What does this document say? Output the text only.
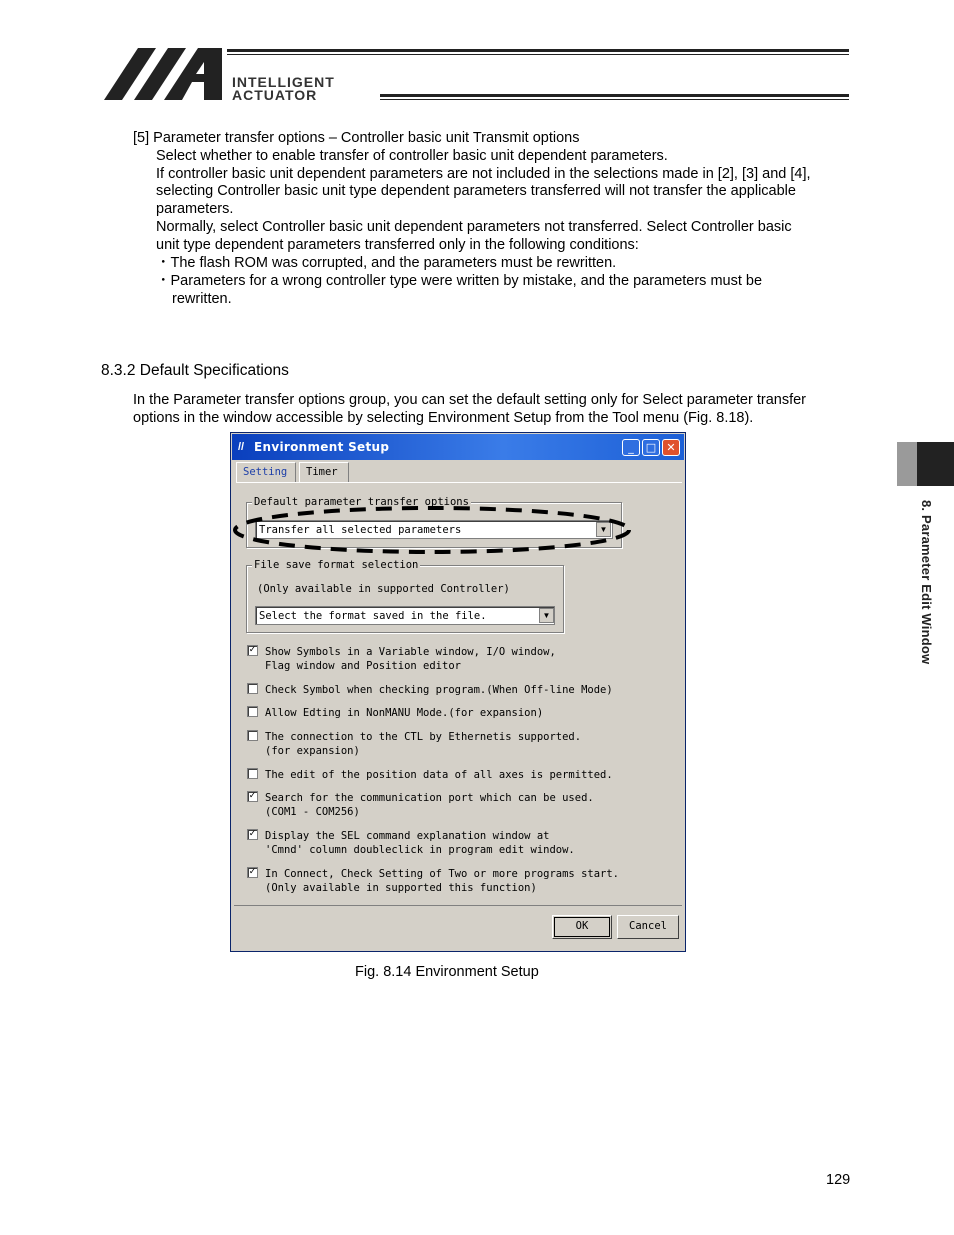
INTELLIGENT
ACTUATOR
[5] Parameter transfer options – Controller basic unit Transmit options
Select whether to enable transfer of controller basic unit dependent parameters.
If controller basic unit dependent parameters are not included in the selections made in [2], [3] and [4],
selecting Controller basic unit type dependent parameters transferred will not transfer the applicable
parameters.
Normally, select Controller basic unit dependent parameters not transferred. Select Controller basic
unit type dependent parameters transferred only in the following conditions:
・The flash ROM was corrupted, and the parameters must be rewritten.
・Parameters for a wrong controller type were written by mistake, and the parameters must be
rewritten.
8.3.2 Default Specifications
In the Parameter transfer options group, you can set the default setting only for Select parameter transfer
options in the window accessible by selecting Environment Setup from the Tool menu (Fig. 8.18).
8. Parameter Edit Window
// Environment Setup	_	□ ✕
Setting	Timer
Default parameter transfer options
Transfer all selected parameters	▼
File save format selection
(Only available in supported Controller)
Select the format saved in the file.	▼
✓ Show Symbols in a Variable window, I/O window,
Flag window and Position editor
Check Symbol when checking program.(When Off-line Mode)
Allow Edting in NonMANU Mode.(for expansion)
The connection to the CTL by Ethernetis supported.
(for expansion)
The edit of the position data of all axes is permitted.
✓ Search for the communication port which can be used.
(COM1 - COM256)
✓ Display the SEL command explanation window at
'Cmnd' column doubleclick in program edit window.
✓ In Connect, Check Setting of Two or more programs start.
(Only available in supported this function)
OK	Cancel
Fig. 8.14 Environment Setup
129
